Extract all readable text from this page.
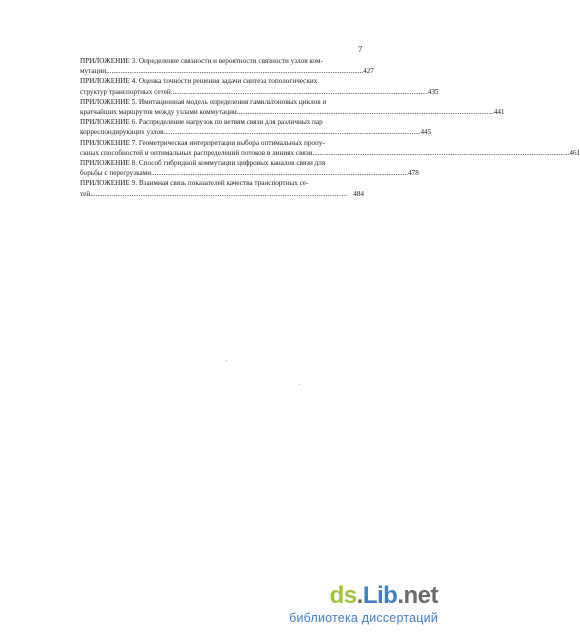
7
ПРИЛОЖЕНИЕ 3. Определение связности и вероятности связности узлов ком-
мутации............................................................................................................................................... 427
ПРИЛОЖЕНИЕ 4. Оценка точности решения задачи синтеза топологических
структур транспортных сетей............................................................................................................................................... 435
ПРИЛОЖЕНИЕ 5. Имитационная модель определения гамильтоновых циклов и
кратчайших маршрутов между узлами коммутации............................................................................................................................................... 441
ПРИЛОЖЕНИЕ 6. Распределение нагрузок по ветвям связи для различных пар
корреспондирующих узлов............................................................................................................................................... 445
ПРИЛОЖЕНИЕ 7. Геометрическая интерпретация выбора оптимальных пропу-
скных способностей и оптимальных распределений потоков в линиях связи............................................................................................................................................... 461
ПРИЛОЖЕНИЕ 8. Способ гибридной коммутации цифровых каналов связи для
борьбы с перегрузками............................................................................................................................................... 478
ПРИЛОЖЕНИЕ 9. Взаимная связь показателей качества транспортных се-
тей............................................................................................................................................... 484
ds . Lib .net
библиотека диссертаций
